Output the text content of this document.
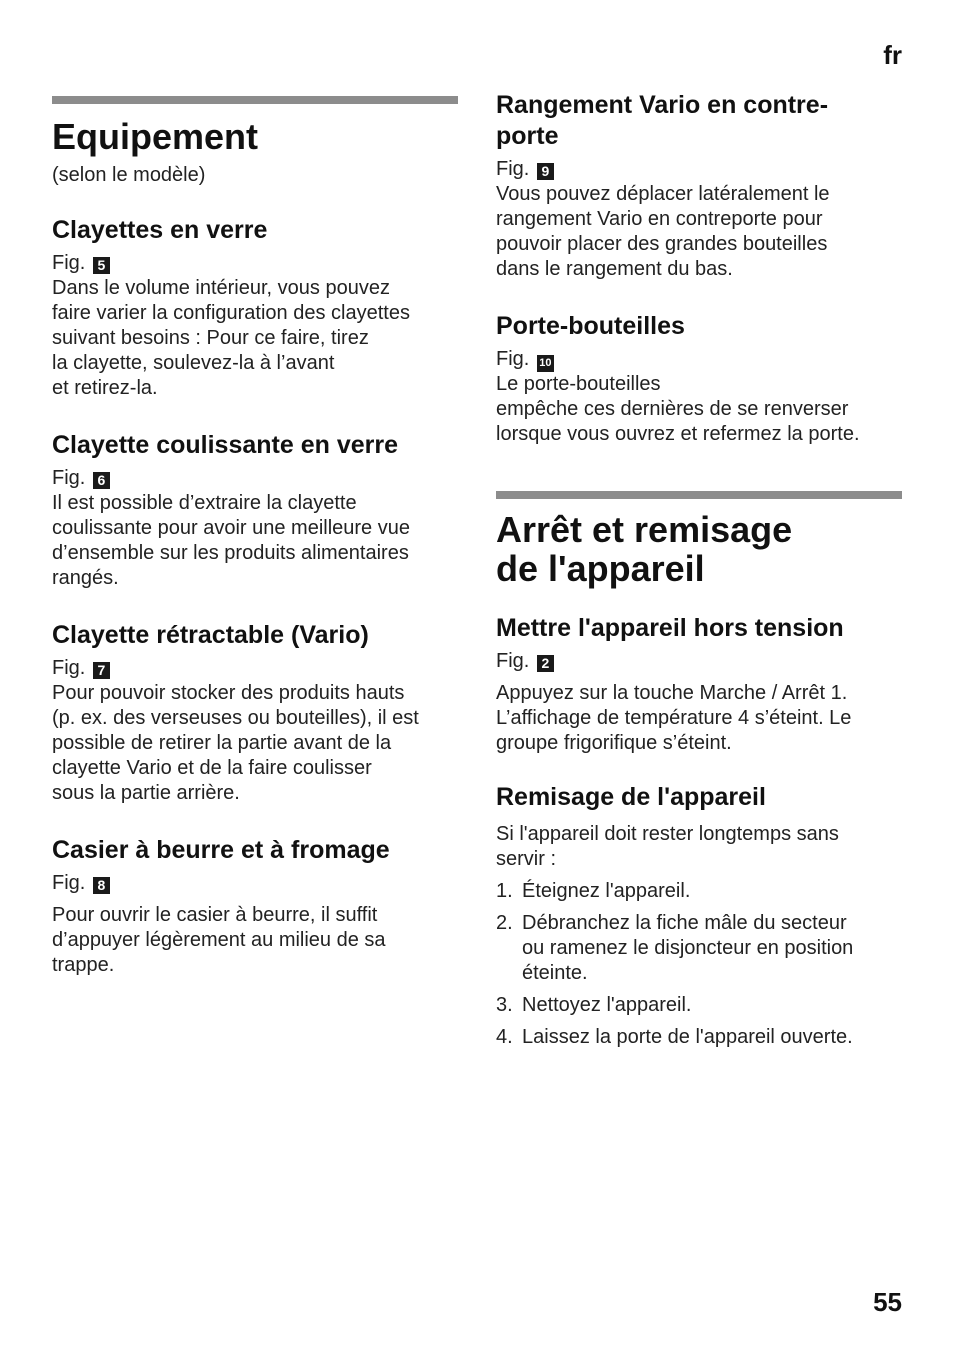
fr
Equipement

(selon le modèle)

Clayettes en verre
Fig. 5

Dans le volume intérieur, vous pouvez
faire varier la configuration des clayettes
suivant besoins : Pour ce faire, tirez
la clayette, soulevez-la à l’avant
et retirez-la.

Clayette coulissante en verre
Fig. 6

Il est possible d’extraire la clayette
coulissante pour avoir une meilleure vue
d’ensemble sur les produits alimentaires
rangés.

Clayette rétractable (Vario)
Fig. 7

Pour pouvoir stocker des produits hauts
(p. ex. des verseuses ou bouteilles), il est
possible de retirer la partie avant de la
clayette Vario et de la faire coulisser
sous la partie arrière.

Casier à beurre et à fromage
Fig. 8

Pour ouvrir le casier à beurre, il suffit
d’appuyer légèrement au milieu de sa
trappe.

Rangement Vario en contre-
porte
Fig. 9

Vous pouvez déplacer latéralement le
rangement Vario en contreporte pour
pouvoir placer des grandes bouteilles
dans le rangement du bas.

Porte-bouteilles
Fig. 10

Le porte-bouteilles
empêche ces dernières de se renverser
lorsque vous ouvrez et refermez la porte.

Arrêt et remisage
de l'appareil
Mettre l'appareil hors tension
Fig. 2

Appuyez sur la touche Marche / Arrêt 1.
L’affichage de température 4 s’éteint. Le
groupe frigorifique s’éteint.

Remisage de l'appareil

Si l'appareil doit rester longtemps sans
servir :

1. Éteignez l'appareil.
2. Débranchez la fiche mâle du secteur
ou ramenez le disjoncteur en position
éteinte.
3. Nettoyez l'appareil.
4. Laissez la porte de l'appareil ouverte.
55
